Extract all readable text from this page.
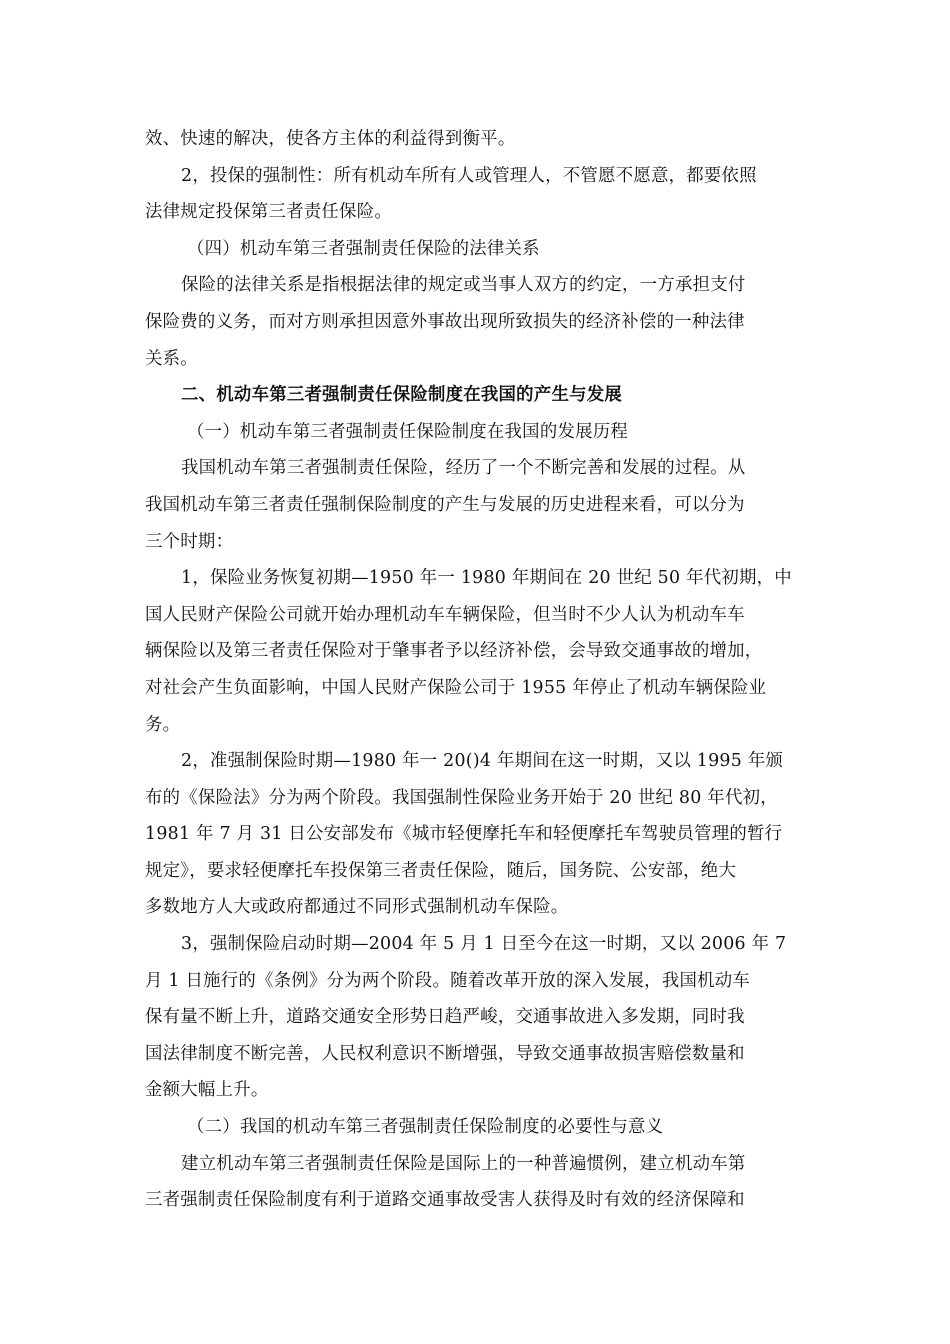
效、快速的解决，使各方主体的利益得到衡平。
2，投保的强制性：所有机动车所有人或管理人，不管愿不愿意，都要依照
法律规定投保第三者责任保险。
（四）机动车第三者强制责任保险的法律关系
保险的法律关系是指根据法律的规定或当事人双方的约定，一方承担支付
保险费的义务，而对方则承担因意外事故出现所致损失的经济补偿的一种法律
关系。
二、机动车第三者强制责任保险制度在我国的产生与发展
（一）机动车第三者强制责任保险制度在我国的发展历程
我国机动车第三者强制责任保险，经历了一个不断完善和发展的过程。从
我国机动车第三者责任强制保险制度的产生与发展的历史进程来看，可以分为
三个时期：
1，保险业务恢复初期—1950 年一 1980 年期间在 20 世纪 50 年代初期，中
国人民财产保险公司就开始办理机动车车辆保险，但当时不少人认为机动车车
辆保险以及第三者责任保险对于肇事者予以经济补偿，会导致交通事故的增加，
对社会产生负面影响，中国人民财产保险公司于 1955 年停止了机动车辆保险业
务。
2，准强制保险时期—1980 年一 20()4 年期间在这一时期，又以 1995 年颁
布的《保险法》分为两个阶段。我国强制性保险业务开始于 20 世纪 80 年代初，
1981 年 7 月 31 日公安部发布《城市轻便摩托车和轻便摩托车驾驶员管理的暂行
规定》，要求轻便摩托车投保第三者责任保险，随后，国务院、公安部，绝大
多数地方人大或政府都通过不同形式强制机动车保险。
3，强制保险启动时期—2004 年 5 月 1 日至今在这一时期，又以 2006 年 7
月 1 日施行的《条例》分为两个阶段。随着改革开放的深入发展，我国机动车
保有量不断上升，道路交通安全形势日趋严峻，交通事故进入多发期，同时我
国法律制度不断完善，人民权利意识不断增强，导致交通事故损害赔偿数量和
金额大幅上升。
（二）我国的机动车第三者强制责任保险制度的必要性与意义
建立机动车第三者强制责任保险是国际上的一种普遍惯例，建立机动车第
三者强制责任保险制度有利于道路交通事故受害人获得及时有效的经济保障和
